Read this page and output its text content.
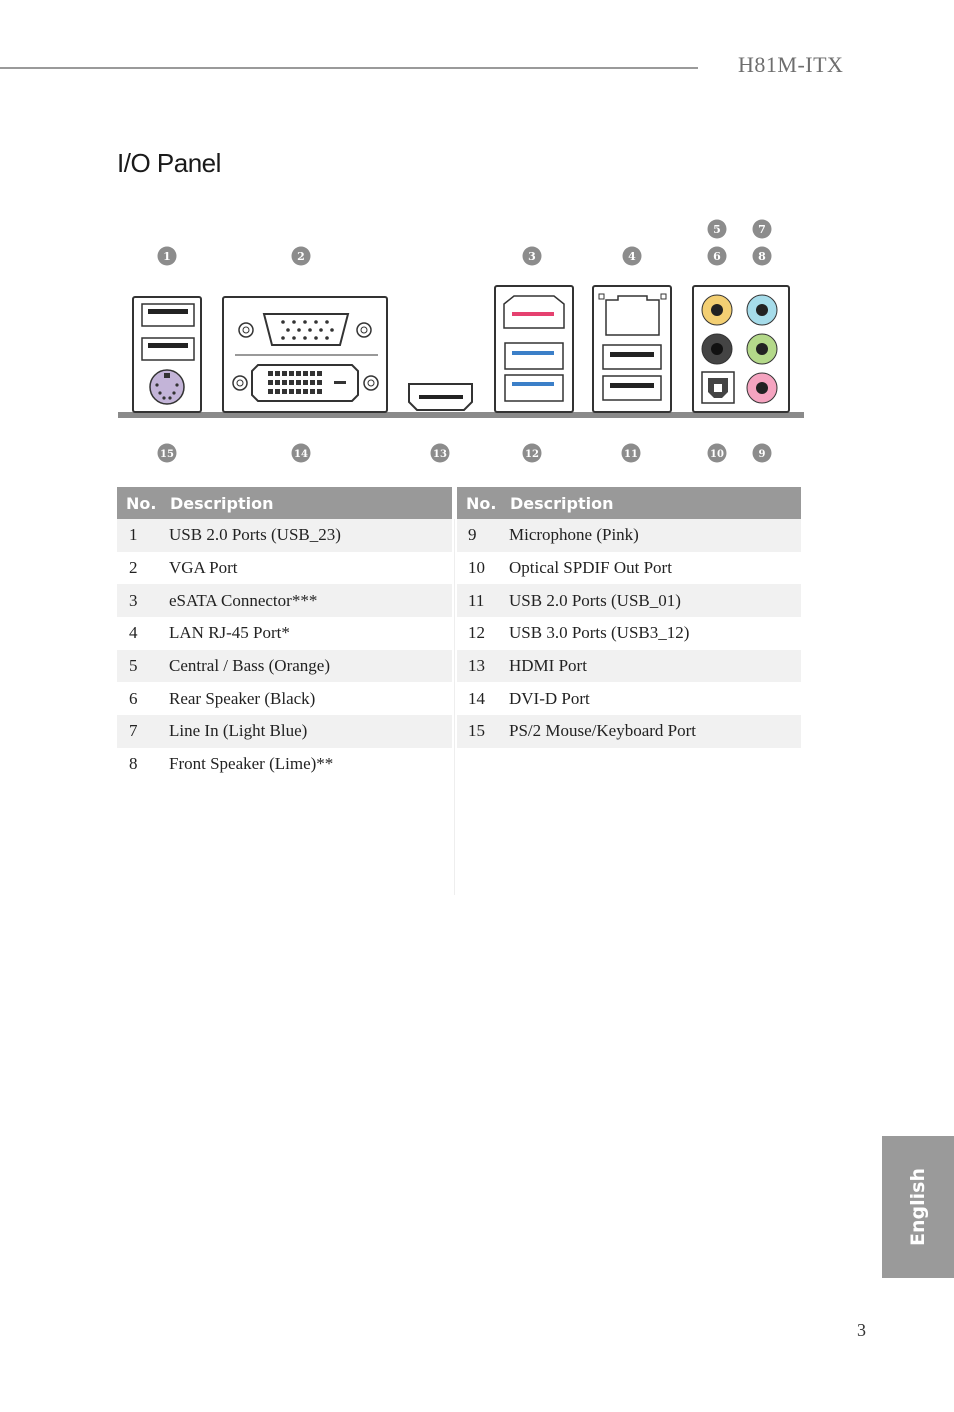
H81M-ITX
I/O Panel
1	2	3	4
5
6
7
8
15	14	13	12	11	10	9
No.	Description
1	USB 2.0 Ports (USB_23)
2	VGA Port
3	eSATA Connector***
4	LAN RJ-45 Port*
5	Central / Bass (Orange)
6	Rear Speaker (Black)
7	Line In (Light Blue)
8	Front Speaker (Lime)**
No.	Description
9	Microphone (Pink)
10	Optical SPDIF Out Port
11	USB 2.0 Ports (USB_01)
12	USB 3.0 Ports (USB3_12)
13	HDMI Port
14	DVI-D Port
15	PS/2 Mouse/Keyboard Port
English
3
